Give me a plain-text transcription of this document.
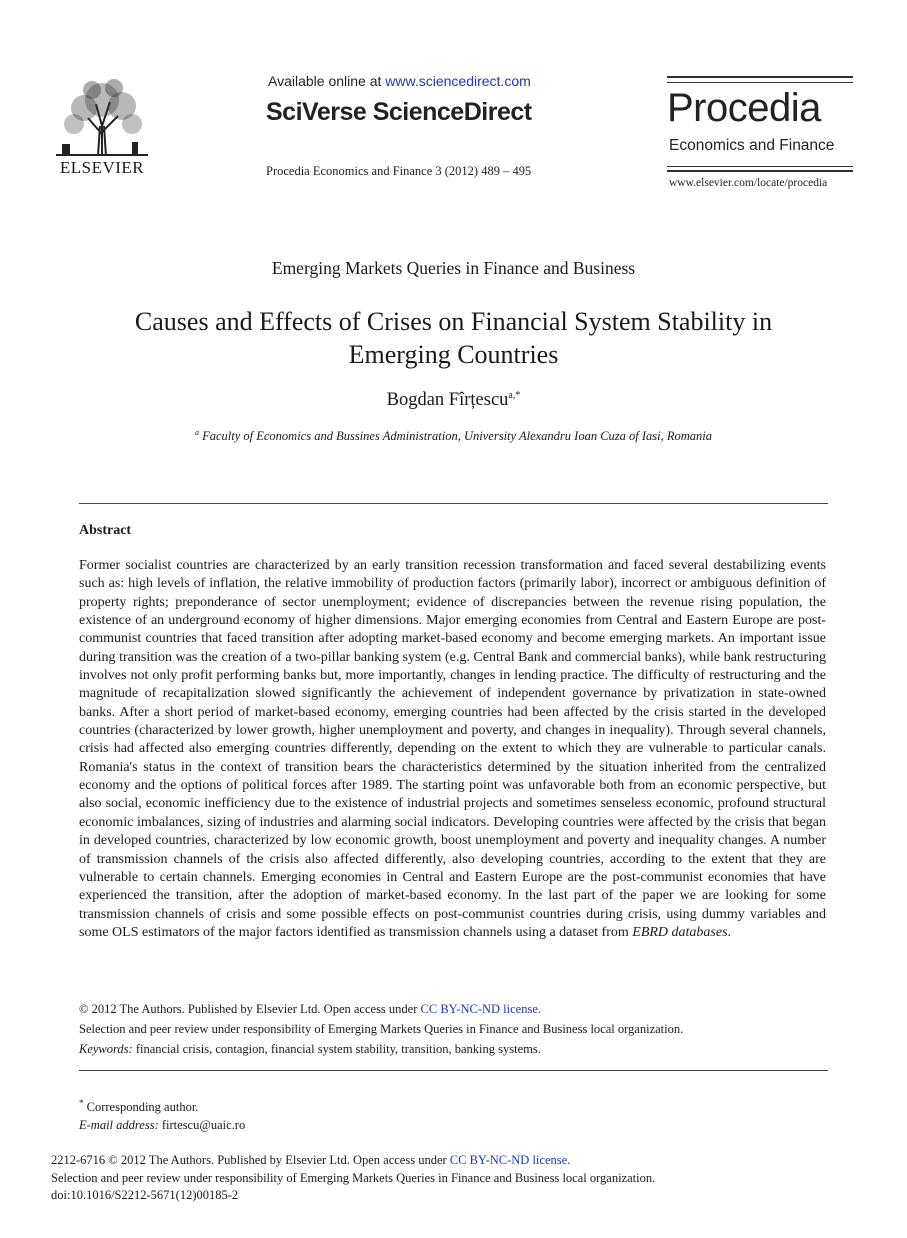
ELSEVIER
Available online at www.sciencedirect.com
SciVerse ScienceDirect
Procedia Economics and Finance 3 (2012) 489 – 495
Procedia
Economics and Finance
www.elsevier.com/locate/procedia
Emerging Markets Queries in Finance and Business
Causes and Effects of Crises on Financial System Stability in Emerging Countries
Bogdan Fîrțescu$^{a,*}$
$^a$ Faculty of Economics and Bussines Administration, University Alexandru Ioan Cuza of Iasi, Romania
Abstract
Former socialist countries are characterized by an early transition recession transformation and faced several destabilizing events such as: high levels of inflation, the relative immobility of production factors (primarily labor), incorrect or ambiguous definition of property rights; preponderance of sector unemployment; evidence of discrepancies between the revenue rising population, the existence of an underground economy of higher dimensions. Major emerging economies from Central and Eastern Europe are post-communist countries that faced transition after adopting market-based economy and become emerging markets. An important issue during transition was the creation of a two-pillar banking system (e.g. Central Bank and commercial banks), while bank restructuring involves not only profit performing banks but, more importantly, changes in lending practice. The difficulty of restructuring and the magnitude of recapitalization slowed significantly the achievement of independent governance by privatization in state-owned banks. After a short period of market-based economy, emerging countries had been affected by the crisis started in the developed countries (characterized by lower growth, higher unemployment and poverty, and changes in inequality). Through several channels, crisis had affected also emerging countries differently, depending on the extent to which they are vulnerable to particular canals. Romania's status in the context of transition bears the characteristics determined by the situation inherited from the centralized economy and the options of political forces after 1989. The starting point was unfavorable both from an economic perspective, but also social, economic inefficiency due to the existence of industrial projects and sometimes senseless economic, profound structural economic imbalances, sizing of industries and alarming social indicators. Developing countries were affected by the crisis that began in developed countries, characterized by low economic growth, boost unemployment and poverty and inequality changes. A number of transmission channels of the crisis also affected differently, also developing countries, according to the extent that they are vulnerable to certain channels. Emerging economies in Central and Eastern Europe are the post-communist economies that have experienced the transition, after the adoption of market-based economy. In the last part of the paper we are looking for some transmission channels of crisis and some possible effects on post-communist countries during crisis, using dummy variables and some OLS estimators of the major factors identified as transmission channels using a dataset from EBRD databases.
© 2012 The Authors. Published by Elsevier Ltd. Open access under CC BY-NC-ND license.
Selection and peer review under responsibility of Emerging Markets Queries in Finance and Business local organization.
Keywords: financial crisis, contagion, financial system stability, transition, banking systems.
* Corresponding author.
E-mail address: firtescu@uaic.ro
2212-6716 © 2012 The Authors. Published by Elsevier Ltd. Open access under CC BY-NC-ND license.
Selection and peer review under responsibility of Emerging Markets Queries in Finance and Business local organization.
doi:10.1016/S2212-5671(12)00185-2
